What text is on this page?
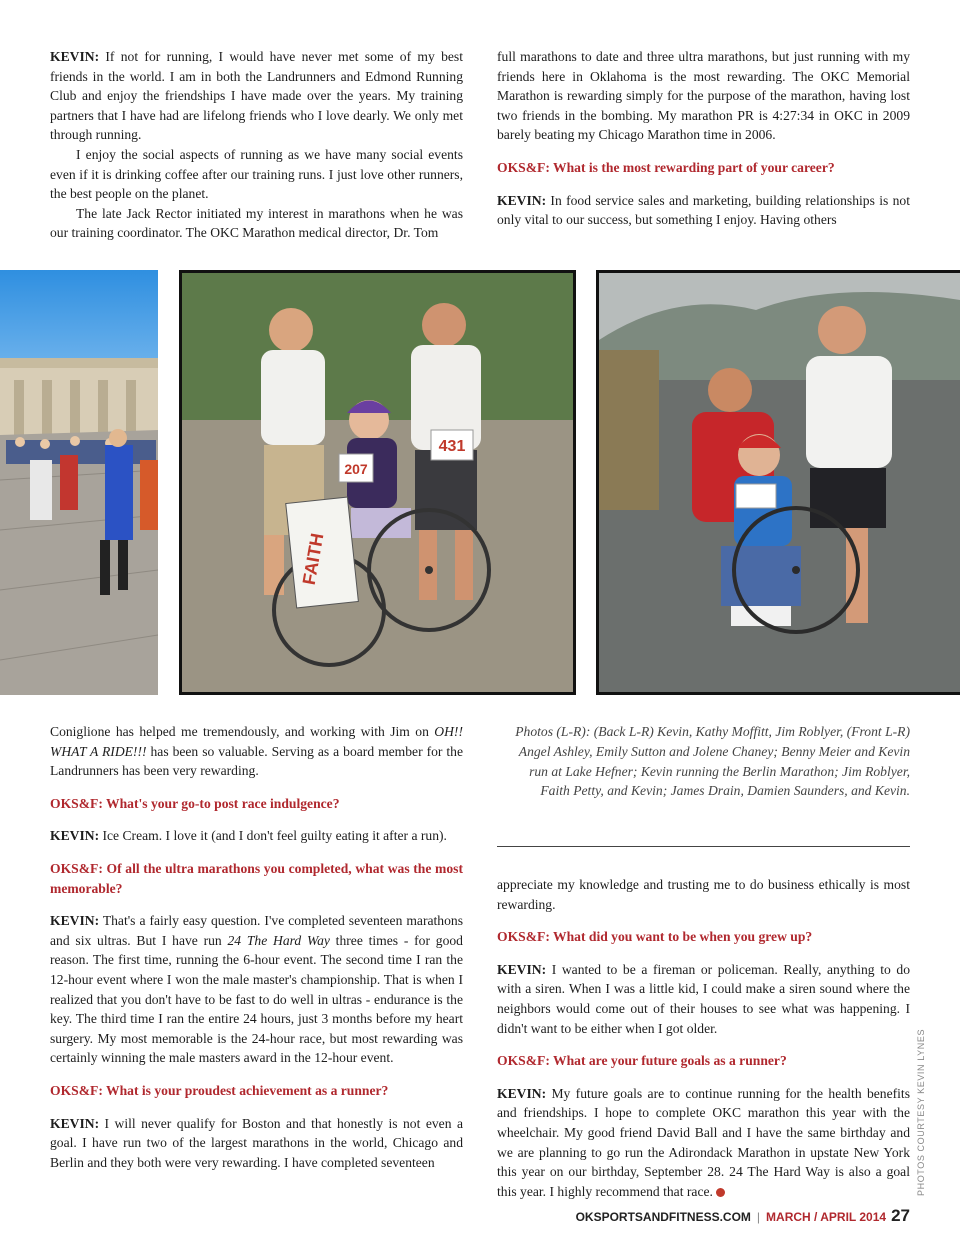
KEVIN: If not for running, I would have never met some of my best friends in the world. I am in both the Landrunners and Edmond Running Club and enjoy the friendships I have made over the years. My training partners that I have had are lifelong friends who I love dearly. We only met through running.

I enjoy the social aspects of running as we have many social events even if it is drinking coffee after our training runs. I just love other runners, the best people on the planet.

The late Jack Rector initiated my interest in marathons when he was our training coordinator. The OKC Marathon medical director, Dr. Tom

full marathons to date and three ultra marathons, but just running with my friends here in Oklahoma is the most rewarding. The OKC Memorial Marathon is rewarding simply for the purpose of the marathon, having lost two friends in the bombing. My marathon PR is 4:27:34 in OKC in 2009 barely beating my Chicago Marathon time in 2006.

OKS&F: What is the most rewarding part of your career?

KEVIN: In food service sales and marketing, building relationships is not only vital to our success, but something I enjoy. Having others

431
207
FAITH

Coniglione has helped me tremendously, and working with Jim on OH!! WHAT A RIDE!!! has been so valuable. Serving as a board member for the Landrunners has been very rewarding.

OKS&F: What's your go-to post race indulgence?

KEVIN: Ice Cream. I love it (and I don't feel guilty eating it after a run).

OKS&F: Of all the ultra marathons you completed, what was the most memorable?

KEVIN: That's a fairly easy question. I've completed seventeen marathons and six ultras. But I have run 24 The Hard Way three times - for good reason. The first time, running the 6-hour event. The second time I ran the 12-hour event where I won the male master's championship. That is when I realized that you don't have to be fast to do well in ultras - endurance is the key. The third time I ran the entire 24 hours, just 3 months before my heart surgery. My most memorable is the 24-hour race, but most rewarding was certainly winning the male masters award in the 12-hour event.

OKS&F: What is your proudest achievement as a runner?

KEVIN: I will never qualify for Boston and that honestly is not even a goal. I have run two of the largest marathons in the world, Chicago and Berlin and they both were very rewarding. I have completed seventeen

Photos (L-R): (Back L-R) Kevin, Kathy Moffitt, Jim Roblyer, (Front L-R) Angel Ashley, Emily Sutton and Jolene Chaney; Benny Meier and Kevin run at Lake Hefner; Kevin running the Berlin Marathon; Jim Roblyer, Faith Petty, and Kevin; James Drain, Damien Saunders, and Kevin.

appreciate my knowledge and trusting me to do business ethically is most rewarding.

OKS&F: What did you want to be when you grew up?

KEVIN: I wanted to be a fireman or policeman. Really, anything to do with a siren. When I was a little kid, I could make a siren sound where the neighbors would come out of their houses to see what was happening. I didn't want to be either when I got older.

OKS&F: What are your future goals as a runner?

KEVIN: My future goals are to continue running for the health benefits and friendships. I hope to complete OKC marathon this year with the wheelchair. My good friend David Ball and I have the same birthday and we are planning to go run the Adirondack Marathon in upstate New York this year on our birthday, September 28. 24 The Hard Way is also a goal this year. I highly recommend that race.	PHOTOS COURTESY KEVIN LYNES
OKSPORTSANDFITNESS.COM | MARCH / APRIL 2014 27
